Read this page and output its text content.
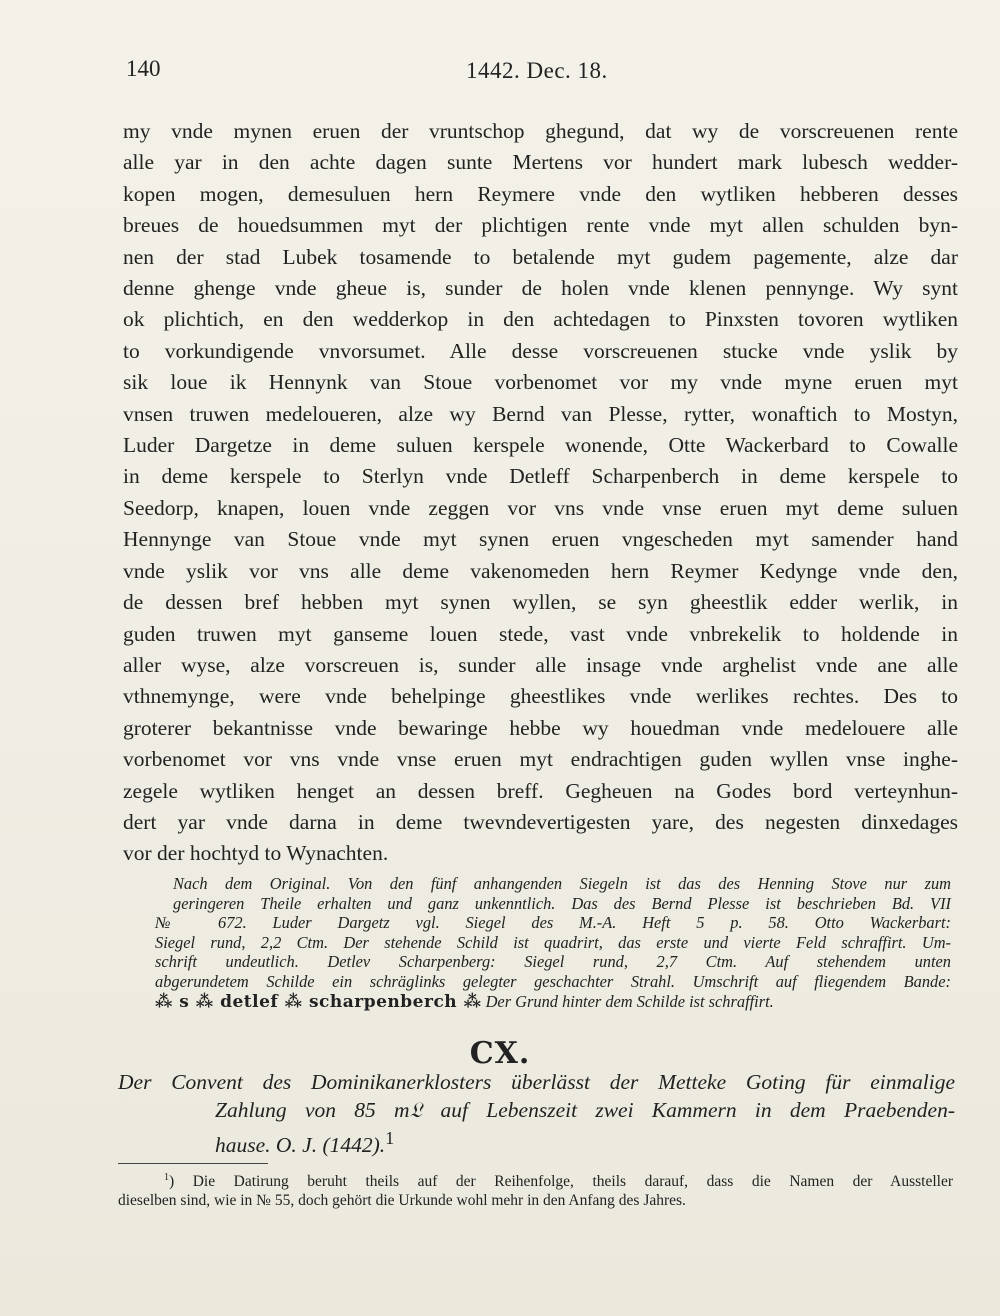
140	1442. Dec. 18.
my vnde mynen eruen der vruntschop ghegund, dat wy de vorscreuenen rente
alle yar in den achte dagen sunte Mertens vor hundert mark lubesch wedder-
kopen mogen, demesuluen hern Reymere vnde den wytliken hebberen desses
breues de houedsummen myt der plichtigen rente vnde myt allen schulden byn-
nen der stad Lubek tosamende to betalende myt gudem pagemente, alze dar
denne ghenge vnde gheue is, sunder de holen vnde klenen pennynge. Wy synt
ok plichtich, en den wedderkop in den achtedagen to Pinxsten tovoren wytliken
to vorkundigende vnvorsumet. Alle desse vorscreuenen stucke vnde yslik by
sik loue ik Hennynk van Stoue vorbenomet vor my vnde myne eruen myt
vnsen truwen medeloueren, alze wy Bernd van Plesse, rytter, wonaftich to Mostyn,
Luder Dargetze in deme suluen kerspele wonende, Otte Wackerbard to Cowalle
in deme kerspele to Sterlyn vnde Detleff Scharpenberch in deme kerspele to
Seedorp, knapen, louen vnde zeggen vor vns vnde vnse eruen myt deme suluen
Hennynge van Stoue vnde myt synen eruen vngescheden myt samender hand
vnde yslik vor vns alle deme vakenomeden hern Reymer Kedynge vnde den,
de dessen bref hebben myt synen wyllen, se syn gheestlik edder werlik, in
guden truwen myt ganseme louen stede, vast vnde vnbrekelik to holdende in
aller wyse, alze vorscreuen is, sunder alle insage vnde arghelist vnde ane alle
vthnemynge, were vnde behelpinge gheestlikes vnde werlikes rechtes. Des to
groterer bekantnisse vnde bewaringe hebbe wy houedman vnde medelouere alle
vorbenomet vor vns vnde vnse eruen myt endrachtigen guden wyllen vnse inghe-
zegele wytliken henget an dessen breff. Gegheuen na Godes bord verteynhun-
dert yar vnde darna in deme twevndevertigesten yare, des negesten dinxedages
vor der hochtyd to Wynachten.
Nach dem Original. Von den fünf anhangenden Siegeln ist das des Henning Stove nur zum
geringeren Theile erhalten und ganz unkenntlich. Das des Bernd Plesse ist beschrieben Bd. VII
№ 672. Luder Dargetz vgl. Siegel des M.-A. Heft 5 p. 58. Otto Wackerbart:
Siegel rund, 2,2 Ctm. Der stehende Schild ist quadrirt, das erste und vierte Feld schraffirt. Um-
schrift undeutlich. Detlev Scharpenberg: Siegel rund, 2,7 Ctm. Auf stehendem unten
abgerundetem Schilde ein schräglinks gelegter geschachter Strahl. Umschrift auf fliegendem Bande:
⁂ s ⁂ detlef ⁂ scharpenberch ⁂ Der Grund hinter dem Schilde ist schraffirt.
CX.
Der Convent des Dominikanerklosters überlässt der Metteke Goting für einmalige
Zahlung von 85 m𝔏 auf Lebenszeit zwei Kammern in dem Praebenden-
hause. O. J. (1442).$^1$
$^1$) Die Datirung beruht theils auf der Reihenfolge, theils darauf, dass die Namen der Aussteller
dieselben sind, wie in № 55, doch gehört die Urkunde wohl mehr in den Anfang des Jahres.
